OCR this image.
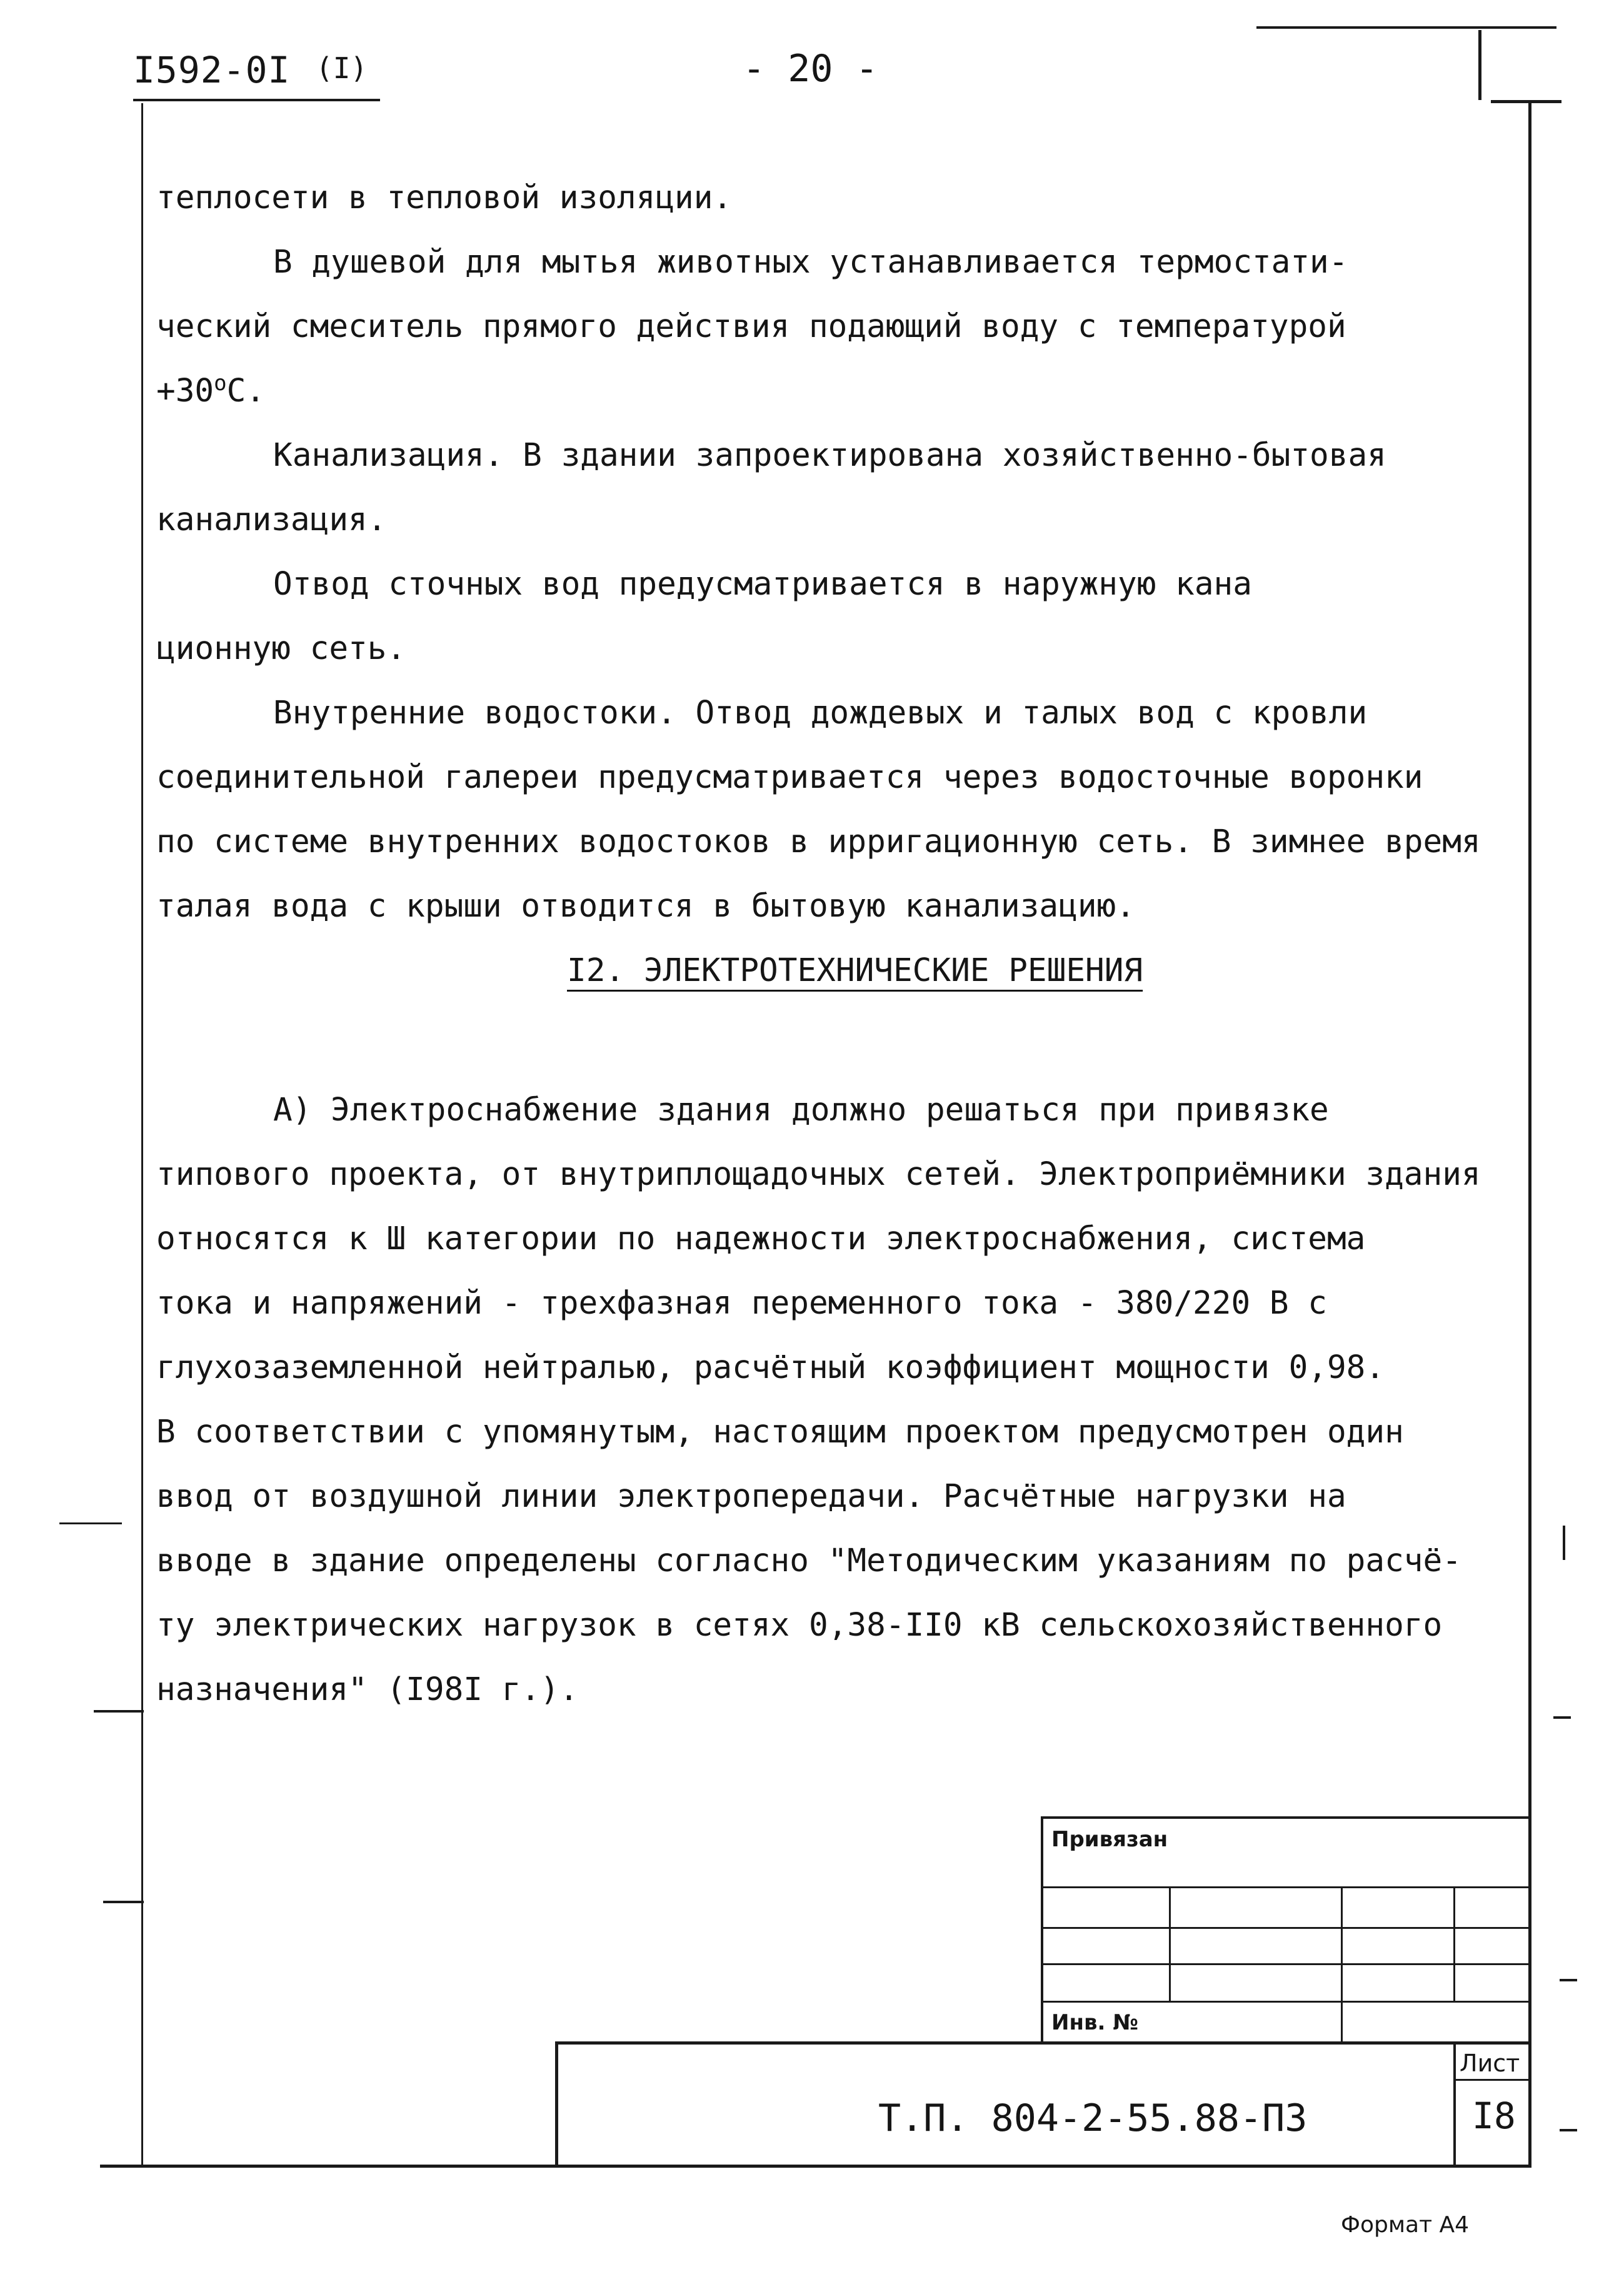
I592-0I (I)	- 20 -
теплосети в тепловой изоляции.
В душевой для мытья животных устанавливается термостати-
ческий смеситель прямого действия подающий воду с температурой
$+30^оС$.
Канализация. В здании запроектирована хозяйственно-бытовая
канализация.
Отвод сточных вод предусматривается в наружную кана
ционную сеть.
Внутренние водостоки. Отвод дождевых и талых вод с кровли
соединительной галереи предусматривается через водосточные воронки
по системе внутренних водостоков в ирригационную сеть. В зимнее время
талая вода с крыши отводится в бытовую канализацию.
I2. ЭЛЕКТРОТЕХНИЧЕСКИЕ РЕШЕНИЯ
А) Электроснабжение здания должно решаться при привязке
типового проекта, от внутриплощадочных сетей. Электроприёмники здания
относятся к Ш категории по надежности электроснабжения, система
тока и напряжений - трехфазная переменного тока - 380/220 В с
глухозаземленной нейтралью, расчётный коэффициент мощности 0,98.
В соответствии с упомянутым, настоящим проектом предусмотрен один
ввод от воздушной линии электропередачи. Расчётные нагрузки на
вводе в здание определены согласно "Методическим указаниям по расчё-
ту электрических нагрузок в сетях 0,38-II0 кВ сельскохозяйственного
назначения" (I98I г.).
Привязан
Инв. №
Т.П. 804-2-55.88-ПЗ
Лист
I8
Формат А4
